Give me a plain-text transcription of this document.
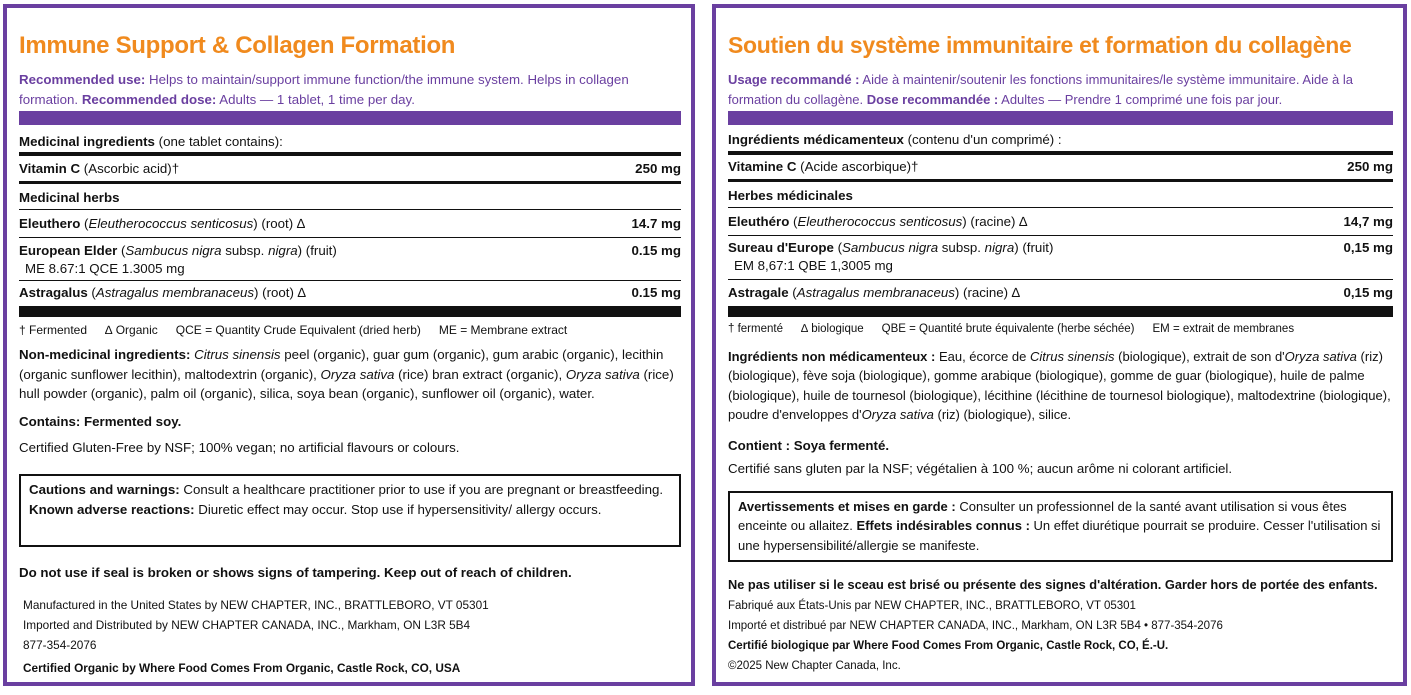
Immune Support & Collagen Formation
Recommended use: Helps to maintain/support immune function/the immune system. Helps in collagen formation. Recommended dose: Adults — 1 tablet, 1 time per day.
Medicinal ingredients (one tablet contains):
Vitamin C (Ascorbic acid)†	250 mg
Medicinal herbs
Eleuthero (Eleutherococcus senticosus) (root) ∆	14.7 mg
European Elder (Sambucus nigra subsp. nigra) (fruit)	0.15 mg
ME 8.67:1 QCE 1.3005 mg
Astragalus (Astragalus membranaceus) (root) ∆	0.15 mg
† Fermented ∆ Organic QCE = Quantity Crude Equivalent (dried herb) ME = Membrane extract
Non-medicinal ingredients: Citrus sinensis peel (organic), guar gum (organic), gum arabic (organic), lecithin (organic sunflower lecithin), maltodextrin (organic), Oryza sativa (rice) bran extract (organic), Oryza sativa (rice) hull powder (organic), palm oil (organic), silica, soya bean (organic), sunflower oil (organic), water.
Contains: Fermented soy.
Certified Gluten-Free by NSF; 100% vegan; no artificial flavours or colours.
Cautions and warnings: Consult a healthcare practitioner prior to use if you are pregnant or breastfeeding. Known adverse reactions: Diuretic effect may occur. Stop use if hypersensitivity/ allergy occurs.
Do not use if seal is broken or shows signs of tampering. Keep out of reach of children.
Manufactured in the United States by NEW CHAPTER, INC., BRATTLEBORO, VT 05301
Imported and Distributed by NEW CHAPTER CANADA, INC., Markham, ON L3R 5B4
877-354-2076
Certified Organic by Where Food Comes From Organic, Castle Rock, CO, USA
Soutien du système immunitaire et formation du collagène
Usage recommandé : Aide à maintenir/soutenir les fonctions immunitaires/le système immunitaire. Aide à la formation du collagène. Dose recommandée : Adultes — Prendre 1 comprimé une fois par jour.
Ingrédients médicamenteux (contenu d'un comprimé) :
Vitamine C (Acide ascorbique)†	250 mg
Herbes médicinales
Eleuthéro (Eleutherococcus senticosus) (racine) ∆	14,7 mg
Sureau d'Europe (Sambucus nigra subsp. nigra) (fruit)	0,15 mg
EM 8,67:1 QBE 1,3005 mg
Astragale (Astragalus membranaceus) (racine) ∆	0,15 mg
† fermenté ∆ biologique QBE = Quantité brute équivalente (herbe séchée) EM = extrait de membranes
Ingrédients non médicamenteux : Eau, écorce de Citrus sinensis (biologique), extrait de son d'Oryza sativa (riz) (biologique), fève soja (biologique), gomme arabique (biologique), gomme de guar (biologique), huile de palme (biologique), huile de tournesol (biologique), lécithine (lécithine de tournesol biologique), maltodextrine (biologique), poudre d'enveloppes d'Oryza sativa (riz) (biologique), silice.
Contient : Soya fermenté.
Certifié sans gluten par la NSF; végétalien à 100 %; aucun arôme ni colorant artificiel.
Avertissements et mises en garde : Consulter un professionnel de la santé avant utilisation si vous êtes enceinte ou allaitez. Effets indésirables connus : Un effet diurétique pourrait se produire. Cesser l'utilisation si une hypersensibilité/allergie se manifeste.
Ne pas utiliser si le sceau est brisé ou présente des signes d'altération. Garder hors de portée des enfants.
Fabriqué aux États-Unis par NEW CHAPTER, INC., BRATTLEBORO, VT 05301
Importé et distribué par NEW CHAPTER CANADA, INC., Markham, ON L3R 5B4 • 877-354-2076
Certifié biologique par Where Food Comes From Organic, Castle Rock, CO, É.-U.
©2025 New Chapter Canada, Inc.
